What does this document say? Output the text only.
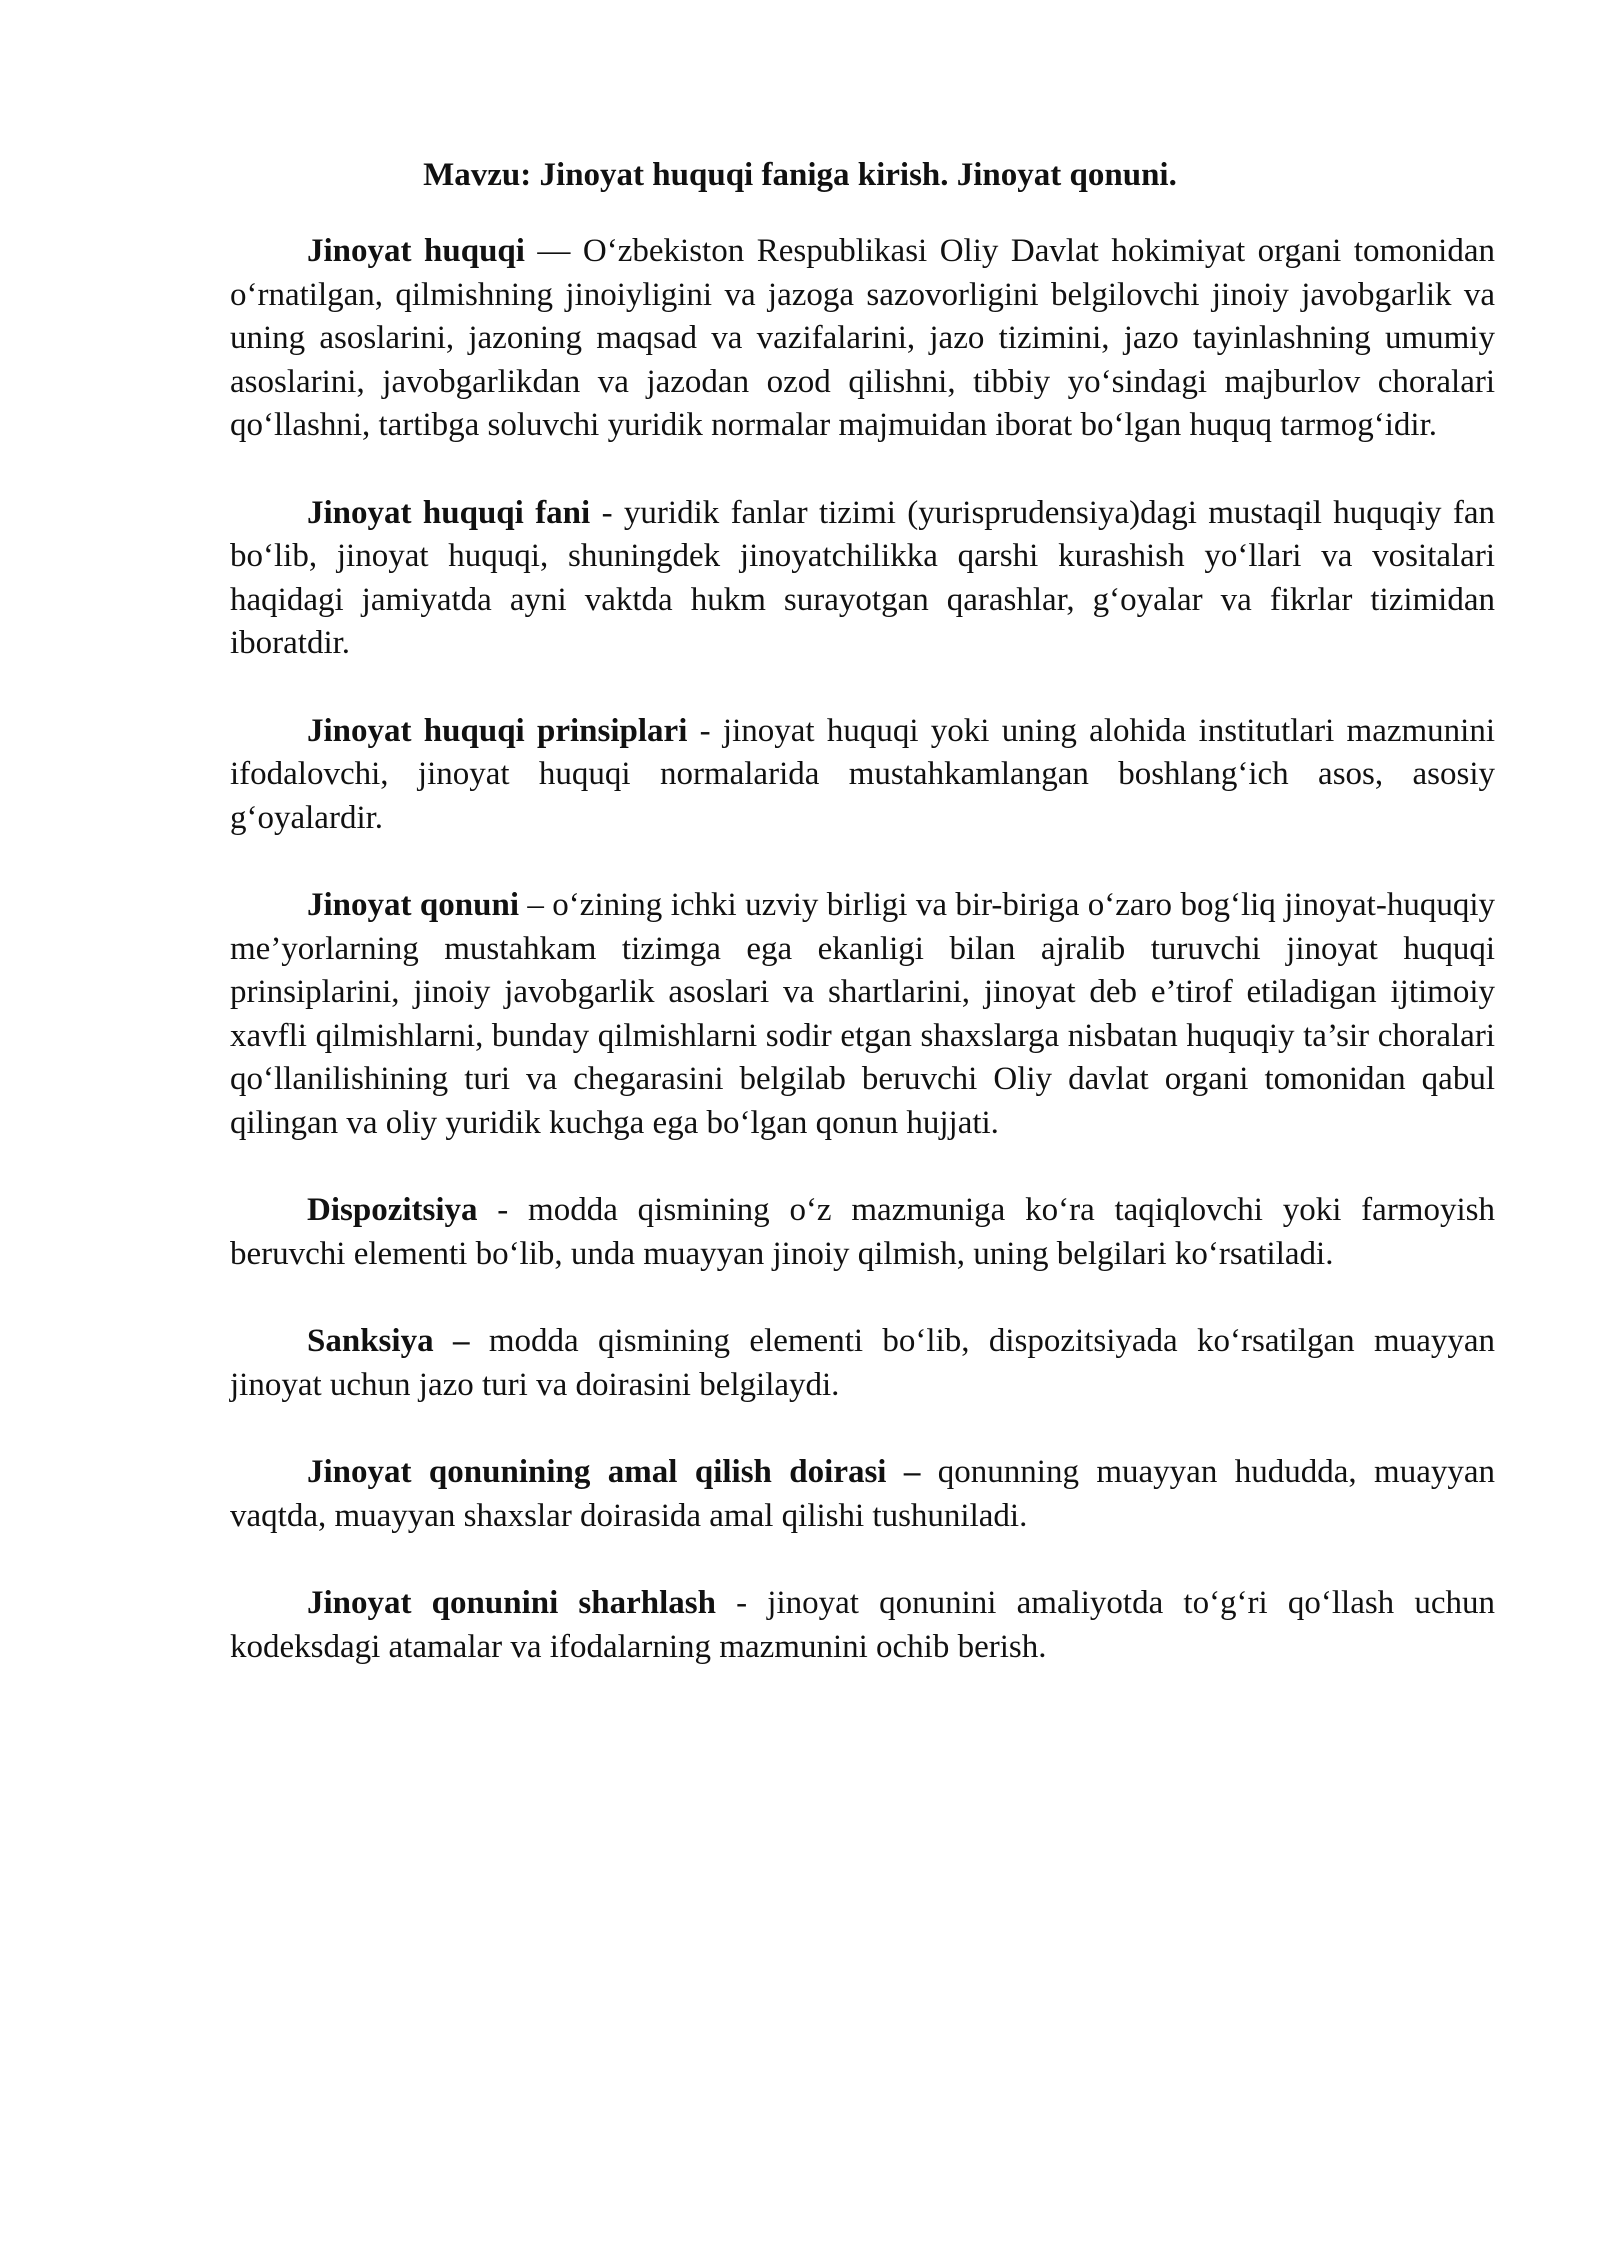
Mavzu: Jinoyat huquqi faniga kirish. Jinoyat qonuni.

Jinoyat huquqi — O‘zbekiston Respublikasi Oliy Davlat hokimiyat organi tomonidan o‘rnatilgan, qilmishning jinoiyligini va jazoga sazovorligini belgilovchi jinoiy javobgarlik va uning asoslarini, jazoning maqsad va vazifalarini, jazo tizimini, jazo tayinlashning umumiy asoslarini, javobgarlikdan va jazodan ozod qilishni, tibbiy yo‘sindagi majburlov choralari qo‘llashni, tartibga soluvchi yuridik normalar majmuidan iborat bo‘lgan huquq tarmog‘idir.

Jinoyat huquqi fani - yuridik fanlar tizimi (yurisprudensiya)dagi mustaqil huquqiy fan bo‘lib, jinoyat huquqi, shuningdek jinoyatchilikka qarshi kurashish yo‘llari va vositalari haqidagi jamiyatda ayni vaktda hukm surayotgan qarashlar, g‘oyalar va fikrlar tizimidan iboratdir.

Jinoyat huquqi prinsiplari - jinoyat huquqi yoki uning alohida institutlari mazmunini ifodalovchi, jinoyat huquqi normalarida mustahkamlangan boshlang‘ich asos, asosiy g‘oyalardir.

Jinoyat qonuni – o‘zining ichki uzviy birligi va bir-biriga o‘zaro bog‘liq jinoyat-huquqiy me’yorlarning mustahkam tizimga ega ekanligi bilan ajralib turuvchi jinoyat huquqi prinsiplarini, jinoiy javobgarlik asoslari va shartlarini, jinoyat deb e’tirof etiladigan ijtimoiy xavfli qilmishlarni, bunday qilmishlarni sodir etgan shaxslarga nisbatan huquqiy ta’sir choralari qo‘llanilishining turi va chegarasini belgilab beruvchi Oliy davlat organi tomonidan qabul qilingan va oliy yuridik kuchga ega bo‘lgan qonun hujjati.

Dispozitsiya - modda qismining o‘z mazmuniga ko‘ra taqiqlovchi yoki farmoyish beruvchi elementi bo‘lib, unda muayyan jinoiy qilmish, uning belgilari ko‘rsatiladi.

Sanksiya – modda qismining elementi bo‘lib, dispozitsiyada ko‘rsatilgan muayyan jinoyat uchun jazo turi va doirasini belgilaydi.

Jinoyat qonunining amal qilish doirasi – qonunning muayyan hududda, muayyan vaqtda, muayyan shaxslar doirasida amal qilishi tushuniladi.

Jinoyat qonunini sharhlash - jinoyat qonunini amaliyotda to‘g‘ri qo‘llash uchun kodeksdagi atamalar va ifodalarning mazmunini ochib berish.
